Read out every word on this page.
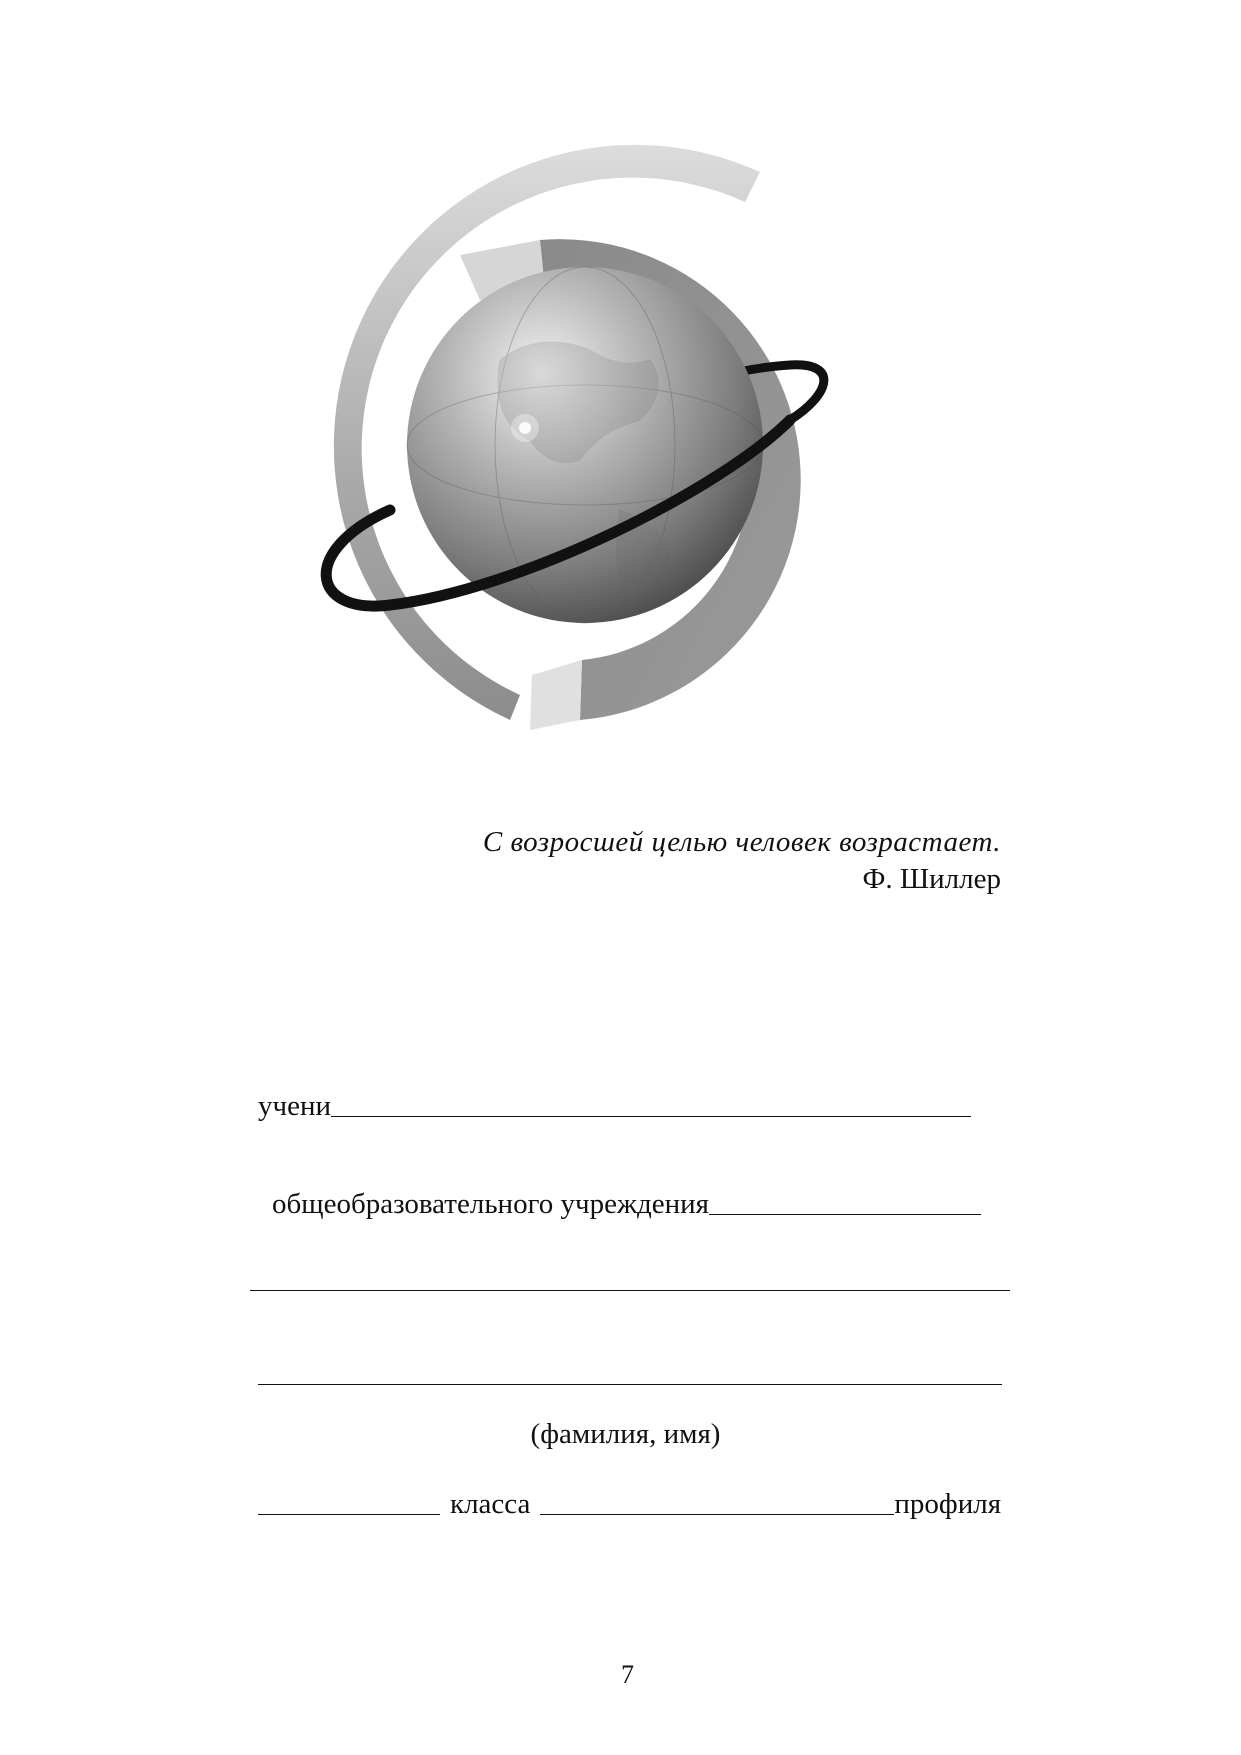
С возросшей целью человек возрастает.
Ф. Шиллер
учени
общеобразовательного учреждения
(фамилия, имя)
класса	профиля
7
